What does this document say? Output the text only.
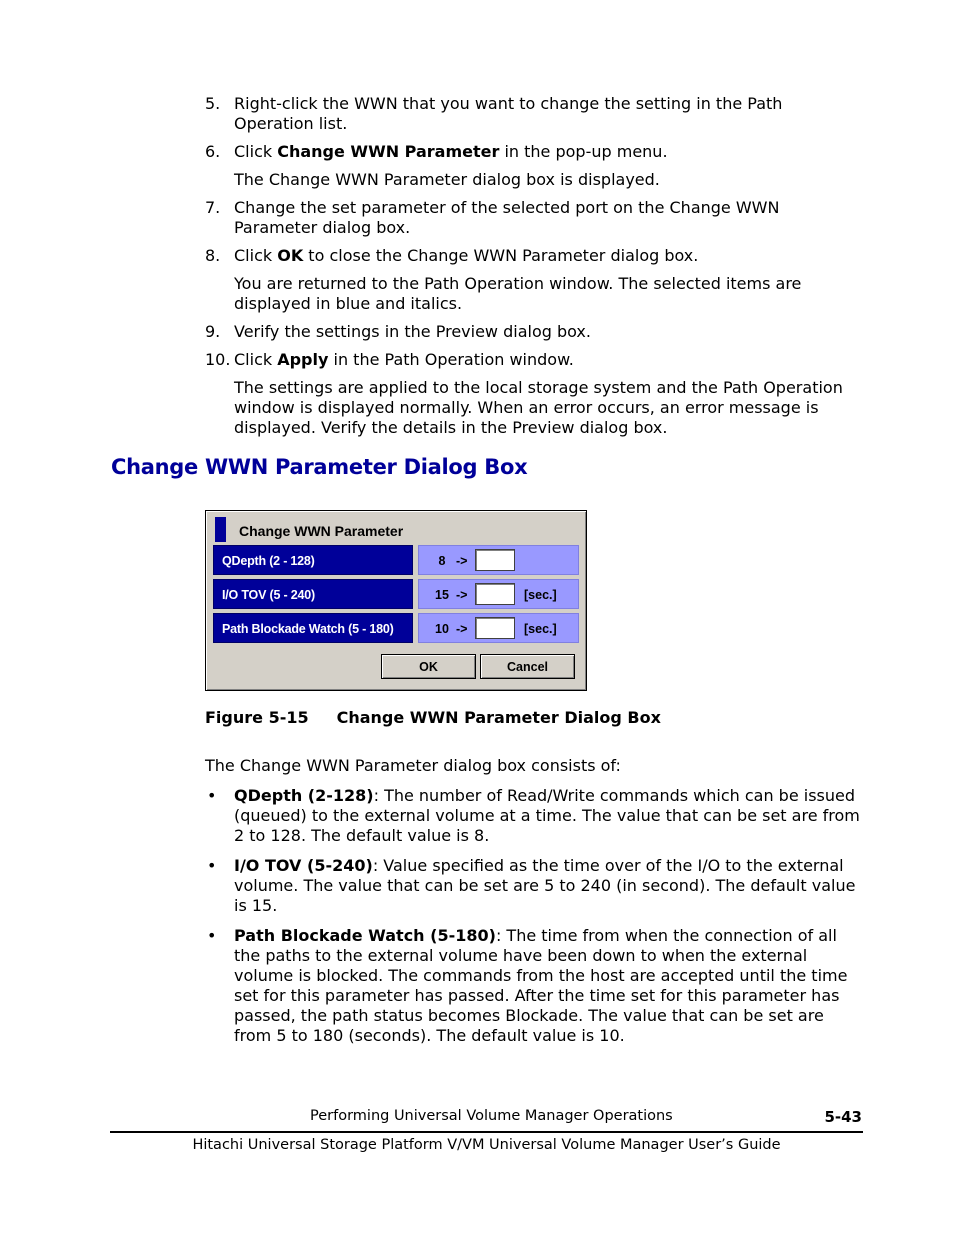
5. Right-click the WWN that you want to change the setting in the Path Operation list.
6. Click Change WWN Parameter in the pop-up menu.
The Change WWN Parameter dialog box is displayed.
7. Change the set parameter of the selected port on the Change WWN Parameter dialog box.
8. Click OK to close the Change WWN Parameter dialog box.
You are returned to the Path Operation window. The selected items are displayed in blue and italics.
9. Verify the settings in the Preview dialog box.
10. Click Apply in the Path Operation window.
The settings are applied to the local storage system and the Path Operation window is displayed normally. When an error occurs, an error message is displayed. Verify the details in the Preview dialog box.
Change WWN Parameter Dialog Box
Change WWN Parameter
QDepth (2 - 128)	8 ->
I/O TOV (5 - 240)	15 ->	[sec.]
Path Blockade Watch (5 - 180)	10 ->	[sec.]
OK	Cancel
Figure 5-15 Change WWN Parameter Dialog Box

The Change WWN Parameter dialog box consists of:

• QDepth (2-128): The number of Read/Write commands which can be issued (queued) to the external volume at a time. The value that can be set are from 2 to 128. The default value is 8.
• I/O TOV (5-240): Value specified as the time over of the I/O to the external volume. The value that can be set are 5 to 240 (in second). The default value is 15.
• Path Blockade Watch (5-180): The time from when the connection of all the paths to the external volume have been down to when the external volume is blocked. The commands from the host are accepted until the time set for this parameter has passed. After the time set for this parameter has passed, the path status becomes Blockade. The value that can be set are from 5 to 180 (seconds). The default value is 10.
Performing Universal Volume Manager Operations	5-43
Hitachi Universal Storage Platform V/VM Universal Volume Manager User’s Guide
